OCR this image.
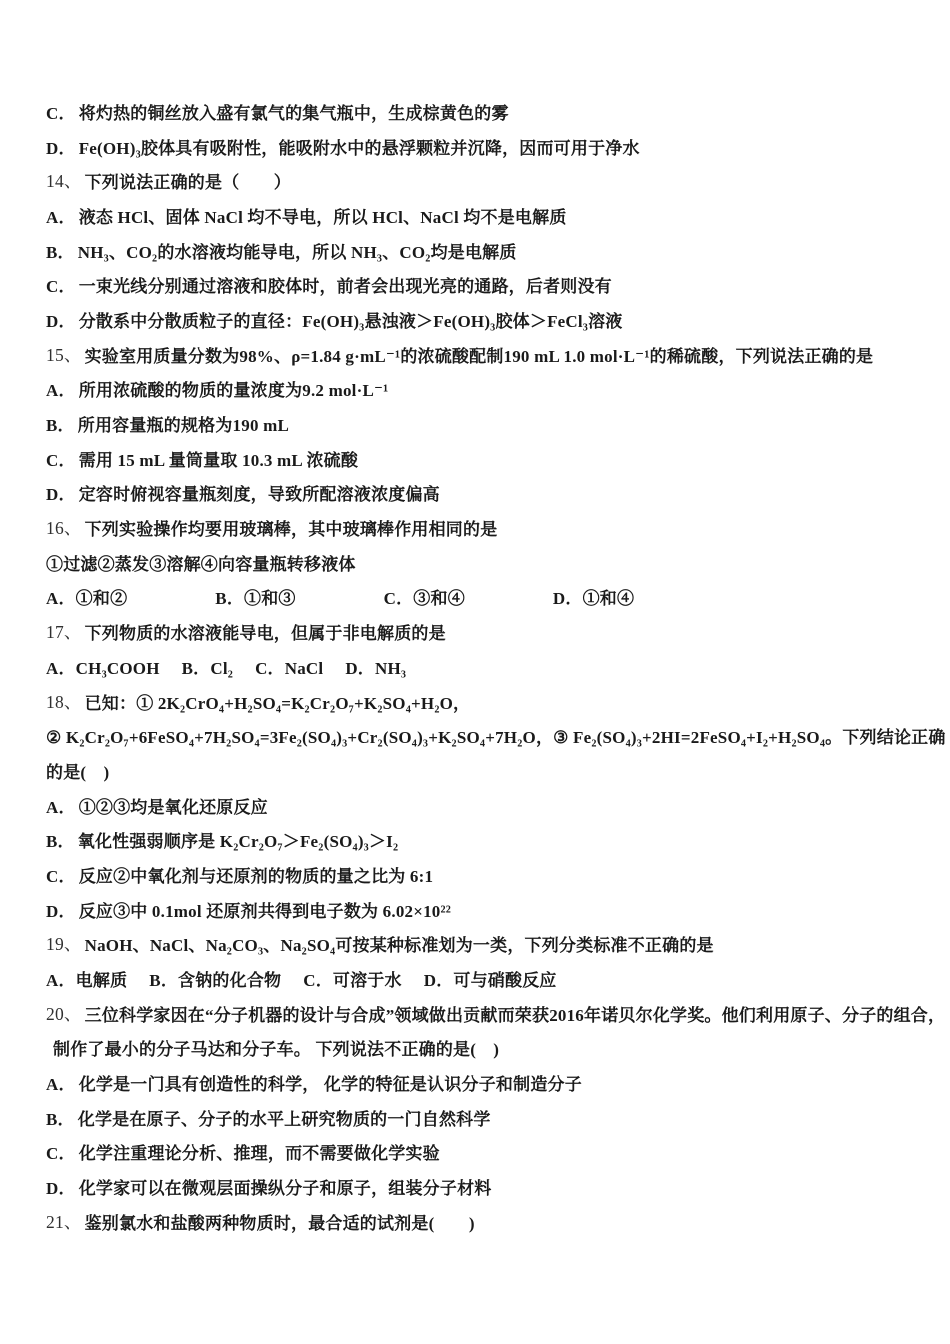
C． 将灼热的铜丝放入盛有氯气的集气瓶中，生成棕黄色的雾
D． Fe(OH)₃胶体具有吸附性，能吸附水中的悬浮颗粒并沉降，因而可用于净水
14、 下列说法正确的是（　　）
A． 液态 HCl、固体 NaCl 均不导电，所以 HCl、NaCl 均不是电解质
B． NH₃、CO₂的水溶液均能导电，所以 NH₃、CO₂均是电解质
C． 一束光线分别通过溶液和胶体时，前者会出现光亮的通路，后者则没有
D． 分散系中分散质粒子的直径：Fe(OH)₃悬浊液＞Fe(OH)₃胶体＞FeCl₃溶液
15、 实验室用质量分数为98%、ρ=1.84 g·mL⁻¹的浓硫酸配制190 mL 1.0 mol·L⁻¹的稀硫酸，下列说法正确的是
A． 所用浓硫酸的物质的量浓度为9.2 mol·L⁻¹
B． 所用容量瓶的规格为190 mL
C． 需用 15 mL 量筒量取 10.3 mL 浓硫酸
D． 定容时俯视容量瓶刻度，导致所配溶液浓度偏高
16、 下列实验操作均要用玻璃棒，其中玻璃棒作用相同的是
①过滤②蒸发③溶解④向容量瓶转移液体
A．①和②	B．①和③	C．③和④	D．①和④
17、 下列物质的水溶液能导电，但属于非电解质的是
A．CH₃COOH B．Cl₂ C．NaCl D．NH₃
18、 已知：① 2K₂CrO₄+H₂SO₄=K₂Cr₂O₇+K₂SO₄+H₂O，
② K₂Cr₂O₇+6FeSO₄+7H₂SO₄=3Fe₂(SO₄)₃+Cr₂(SO₄)₃+K₂SO₄+7H₂O，③ Fe₂(SO₄)₃+2HI=2FeSO₄+I₂+H₂SO₄。下列结论正确
的是(　)
A． ①②③均是氧化还原反应
B． 氧化性强弱顺序是 K₂Cr₂O₇＞Fe₂(SO₄)₃＞I₂
C． 反应②中氧化剂与还原剂的物质的量之比为 6:1
D． 反应③中 0.1mol 还原剂共得到电子数为 6.02×10²²
19、 NaOH、NaCl、Na₂CO₃、Na₂SO₄可按某种标准划为一类，下列分类标准不正确的是
A．电解质 B．含钠的化合物 C．可溶于水 D．可与硝酸反应
20、 三位科学家因在“分子机器的设计与合成”领域做出贡献而荣获2016年诺贝尔化学奖。他们利用原子、分子的组合，
制作了最小的分子马达和分子车。 下列说法不正确的是(　)
A． 化学是一门具有创造性的科学， 化学的特征是认识分子和制造分子
B． 化学是在原子、分子的水平上研究物质的一门自然科学
C． 化学注重理论分析、推理，而不需要做化学实验
D． 化学家可以在微观层面操纵分子和原子，组装分子材料
21、 鉴别氯水和盐酸两种物质时，最合适的试剂是(　　)
